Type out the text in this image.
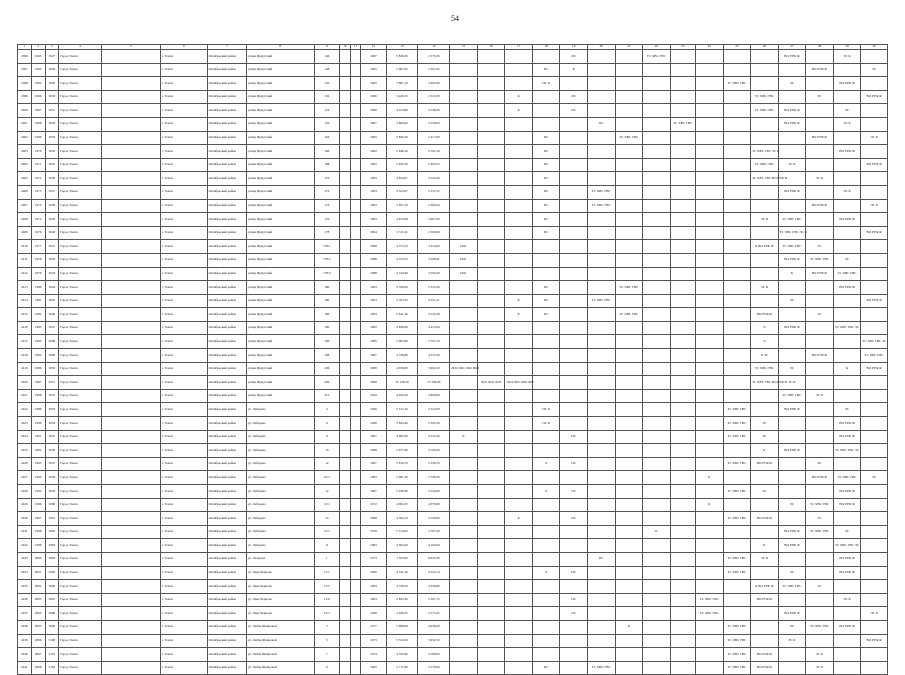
54
1	2	3	4	5	6	7	8	9	10	11	12	13	14	15	16	17	18	19	20	21	22	23	24	25	26	27	28	29	30
2396	1963	5027	Город Томск		г. Томск	Октябрьский район	улица Иркутский	146			1967	5 828,30	2 576,30					ПС			ТС ХВС ГВС					ВО РУФ Ф		ЭС К	
2397	1964	5028	Город Томск		г. Томск	Октябрьский район	улица Иркутский	148			1965	5 067,02	2 301,92				ПС	К									ВО РУФ Ф		ЭС
2398	1965	5029	Город Томск		г. Томск	Октябрьский район	улица Иркутский	150			1965	7 867,10	3 402,90				ПС К							ТС ХВС ГВС		ЭС		ВО РУФ Ф	
2399	1966	5030	Город Томск		г. Томск	Октябрьский район	улица Иркутский	152			1966	5 426,70	2 510,30			К		ПС							ТС ХВС ГВС		ЭС		ВО РУФ Ф
2400	1967	5031	Город Томск		г. Томск	Октябрьский район	улица Иркутский	154			1966	4 913,90	2 546,90			К		ПС							ТС ХВС ГВС	ВО РУФ Ф		ЭС	
2401	1968	5032	Город Томск		г. Томск	Октябрьский район	улица Иркутский	156			1967	3 866,00	2 529,00						ПС			ТС ХВС ГВС				ВО РУФ Ф		ЭС К	
2402	1969	5033	Город Томск		г. Томск	Октябрьский район	улица Иркутский	164			1965	3 826,50	2 417,00				ПС			ТС ХВС ГВС							ВО РУФ Ф		ЭС К
2403	1970	5034	Город Томск		г. Томск	Октябрьский район	улица Иркутский	166			1962	2 946,16	2 791,20				ПС								ТС ХВС ГВС ЭС К			ВО РУФ Ф	
2404	1971	5035	Город Томск		г. Томск	Октябрьский район	улица Иркутский	168			1962	2 945,50	2 493,52				ПС								ТС ХВС ГВС	ЭС К			ВО РУФ Ф
2405	1972	5036	Город Томск		г. Томск	Октябрьский район	улица Иркутский	170			1963	4 834,07	2 543,46				ПС								ТС ХВС ГВС ВО РУФ Ф		ЭС К		
2406	1973	5037	Город Томск		г. Томск	Октябрьский район	улица Иркутский	172			1963	2 522,07	2 537,52				ПС		ТС ХВС ГВС							ВО РУФ Ф		ЭС К	
2407	1974	5038	Город Томск		г. Томск	Октябрьский район	улица Иркутский	174			1963	2 657,16	2 482,04				ПС		ТС ХВС ГВС								ВО РУФ Ф		ЭС К
2408	1975	5039	Город Томск		г. Томск	Октябрьский район	улица Иркутский	176			1964	4 815,08	2 667,00				ПС								ЭС К	ТС ХВС ГВС		ВО РУФ Ф	
2409	1976	5040	Город Томск		г. Томск	Октябрьский район	улица Иркутский	178			1964	5 511,91	2 569,00				ПС									ТС ХВС ГВС ЭС К			ВО РУФ Ф
2410	1977	5041	Город Томск		г. Томск	Октябрьский район	улица Иркутский	178/1			1988	4 373,10	3 310,60	ПО1											К ВО РУФ Ф	ТС ХВС ГВС	ЭС		
2411	1978	5042	Город Томск		г. Томск	Октябрьский район	улица Иркутский	178/2			1988	4 372,25	3 208,41	ПО1												ВО РУФ Ф	ТС ХВС ГВС	ЭС	
2412	1979	5043	Город Томск		г. Томск	Октябрьский район	улица Иркутский	178/3			1988	4 744,90	3 509,20	ПО1												К	ВО РУФ Ф	ТС ХВС ГВС	
2413	1980	5044	Город Томск		г. Томск	Октябрьский район	улица Иркутский	180			1963	2 760,00	2 525,20				ПС			ТС ХВС ГВС					ЭС К			ВО РУФ Ф	
2414	1981	5045	Город Томск		г. Томск	Октябрьский район	улица Иркутский	180			1963	2 703,32	2 551,21			К	ПС		ТС ХВС ГВС							ЭС			ВО РУФ Ф
2415	1982	5046	Город Томск		г. Томск	Октябрьский район	улица Иркутский	186			1964	5 441,40	2 545,28			К	ПС			ТС ХВС ГВС					ВО РУФ Ф		ЭС		
2416	1983	5047	Город Томск		г. Томск	Октябрьский район	улица Иркутский	190			1982	4 826,00	4 415,00												Л	ВО РУФ Ф		ТС ХВС ГВС ЭС	
2417	1984	5048	Город Томск		г. Томск	Октябрьский район	улица Иркутский	196			1985	2 965,90	2 707,10												Л				ТС ХВС ГВС ЭС
2418	1985	5049	Город Томск		г. Томск	Октябрьский район	улица Иркутский	198			1987	4 749,80	4 337,00												К ЭС		ВО РУФ Ф		ТС ХВС ГВС
2419	1986	5050	Город Томск		г. Томск	Октябрьский район	улица Иркутский	206			1989	4 918,00	3 962,50	ЛО1 ПО1 ЛО2 ПО2											ТС ХВС ГВС	ЭС		К	ВО РУФ Ф
2420	1987	5051	Город Томск		г. Томск	Октябрьский район	улица Иркутский	206			1990	25 136,20	17 226,90		ЛО1 ЛО2 ЛО3	ЛО4 ЛО5 ЛО6 ЛО7									ТС ХВС ГВС ВО РУФ Ф	ЭС К			
2421	1988	5052	Город Томск		г. Томск	Октябрьский район	улица Иркутский	212			1944	4 656,20	2 806,00													ТС ХВС ГВС	ЭС К		
2422	1989	5053	Город Томск		г. Томск	Октябрьский район	ул. Лебедева	4			1966	5 313,10	2 522,00				ПС К							ТС ХВС ГВС		ВО РУФ Ф		ЭС	
2423	1990	5054	Город Томск		г. Томск	Октябрьский район	ул. Лебедева	6			1966	5 843,20	2 562,30				ПС К							ТС ХВС ГВС	ЭС			ВО РУФ Ф	
2424	1991	5055	Город Томск		г. Томск	Октябрьский район	ул. Лебедева	8			1967	4 900,30	2 524,30	К				ПС						ТС ХВС ГВС	ЭС			ВО РУФ Ф	
2425	1992	5056	Город Томск		г. Томск	Октябрьский район	ул. Лебедева	10			1988	2 977,40	2 709,20												К	ВО РУФ Ф		ТС ХВС ГВС ЭС	
2426	1993	5057	Город Томск		г. Томск	Октябрьский район	ул. Лебедева	12			1967	5 816,70	2 528,70				Л	ПС						ТС ХВС ГВС	ВО РУФ Ф		ЭС		
2427	1994	5058	Город Томск		г. Томск	Октябрьский район	ул. Лебедева	10/1			1983	2 961,20	2 708,30										К				ВО РУФ Ф	ТС ХВС ГВС	ЭС
2428	1995	5059	Город Томск		г. Томск	Октябрьский район	ул. Лебедева	12			1987	5 938,30	2 544,00				Л	ПС						ТС ХВС ГВС	ЭС			ВО РУФ Ф	
2429	1996	5060	Город Томск		г. Томск	Октябрьский район	ул. Лебедева	13/1			1972	4 963,35	4 370,96										К			ЭС	ТС ХВС ГВС	ВО РУФ Ф	
2430	1997	5061	Город Томск		г. Томск	Октябрьский район	ул. Лебедева	15			1968	4 364,10	2 526,60			К		ПС						ТС ХВС ГВС	ВО РУФ Ф		ЭС		
2431	1998	5062	Город Томск		г. Томск	Октябрьский район	ул. Лебедева	15/1			1978	5 514,02	2 797,40								К					ВО РУФ Ф	ТС ХВС ГВС	ЭС	
2432	1999	5063	Город Томск		г. Томск	Октябрьский район	ул. Лебедева	11			1983	4 593,20	4 104,00												К	ВО РУФ Ф		ТС ХВС ГВС ЭС	
2433	2000	5064	Город Томск		г. Томск	Октябрьский район	ул. Лазарева	1			1973	1 552,00	6 643,30						ПС					ТС ХВС ГВС	ЭС К			ВО РУФ Ф	
2434	2001	5065	Город Томск		г. Томск	Октябрьский район	ул. Льва Чернова	11/7			1960	4 531,20	2 525,14				Л	ПС						ТС ХВС ГВС		ЭС		ВО РУФ Ф	
2435	2002	5066	Город Томск		г. Томск	Октябрьский район	ул. Льва Чернова	11/3			1984	4 749,50	4 339,80												К ВО РУФ Ф	ТС ХВС ГВС	ЭС		
2436	2003	5067	Город Томск		г. Томск	Октябрьский район	ул. Льва Чернова	11/9			1964	2 843,30	2 567,15					ПС					ТС ХВС ГВС		ВО РУФ Ф			ЭС К	
2437	2004	5068	Город Томск		г. Томск	Октябрьский район	ул. Льва Чернова	12/1			1968	4 928,45	2 575,45					ПС					ТС ХВС ГВС			ВО РУФ Ф			ЭС К
2438	2005	5069	Город Томск		г. Томск	Октябрьский район	ул. Любы Шевцовой	5			1977	5 908,08	4 638,40							К				ТС ХВС ГВС		ЭС	ТС ХВС ГВС	ВО РУФ Ф	
2439	2006	5100	Город Томск		г. Томск	Октябрьский район	ул. Любы Шевцовой	5			1973	5 552,00	3 952,50											ТС ХВС ГВС		ЭС К			ВО РУФ Ф
2440	2007	5101	Город Томск		г. Томск	Октябрьский район	ул. Любы Шевцовой	7			1974	4 545,90	2 588,60											ТС ХВС ГВС	ВО РУФ Ф		ЭС К		
2441	2008	5102	Город Томск		г. Томск	Октябрьский район	ул. Любы Шевцовой	9			1965	2 717,80	2 576,90				ПС		ТС ХВС ГВС					ТС ХВС ГВС	ВО РУФ Ф		ЭС К		
